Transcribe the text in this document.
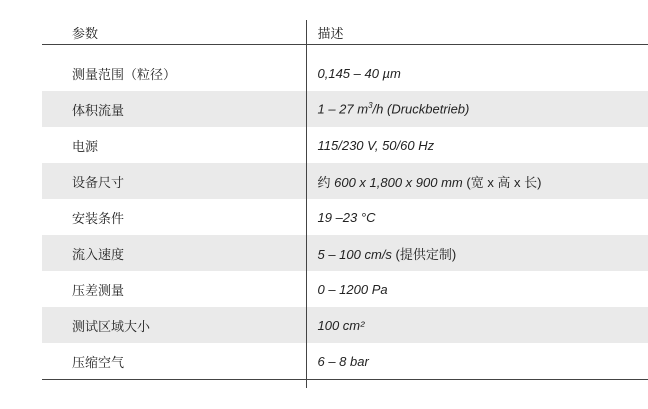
参数	描述

测量范围（粒径）	0,145 – 40 µm
体积流量	1 – 27 $m^3/h$ (Druckbetrieb)
电源	115/230 V, 50/60 Hz
设备尺寸	约 600 x 1,800 x 900 mm (宽 x 高 x 长)
安装条件	19 –23 °C
流入速度	5 – 100 cm/s (提供定制)
压差测量	0 – 1200 Pa
测试区域大小	100 cm²
压缩空气	6 – 8 bar
